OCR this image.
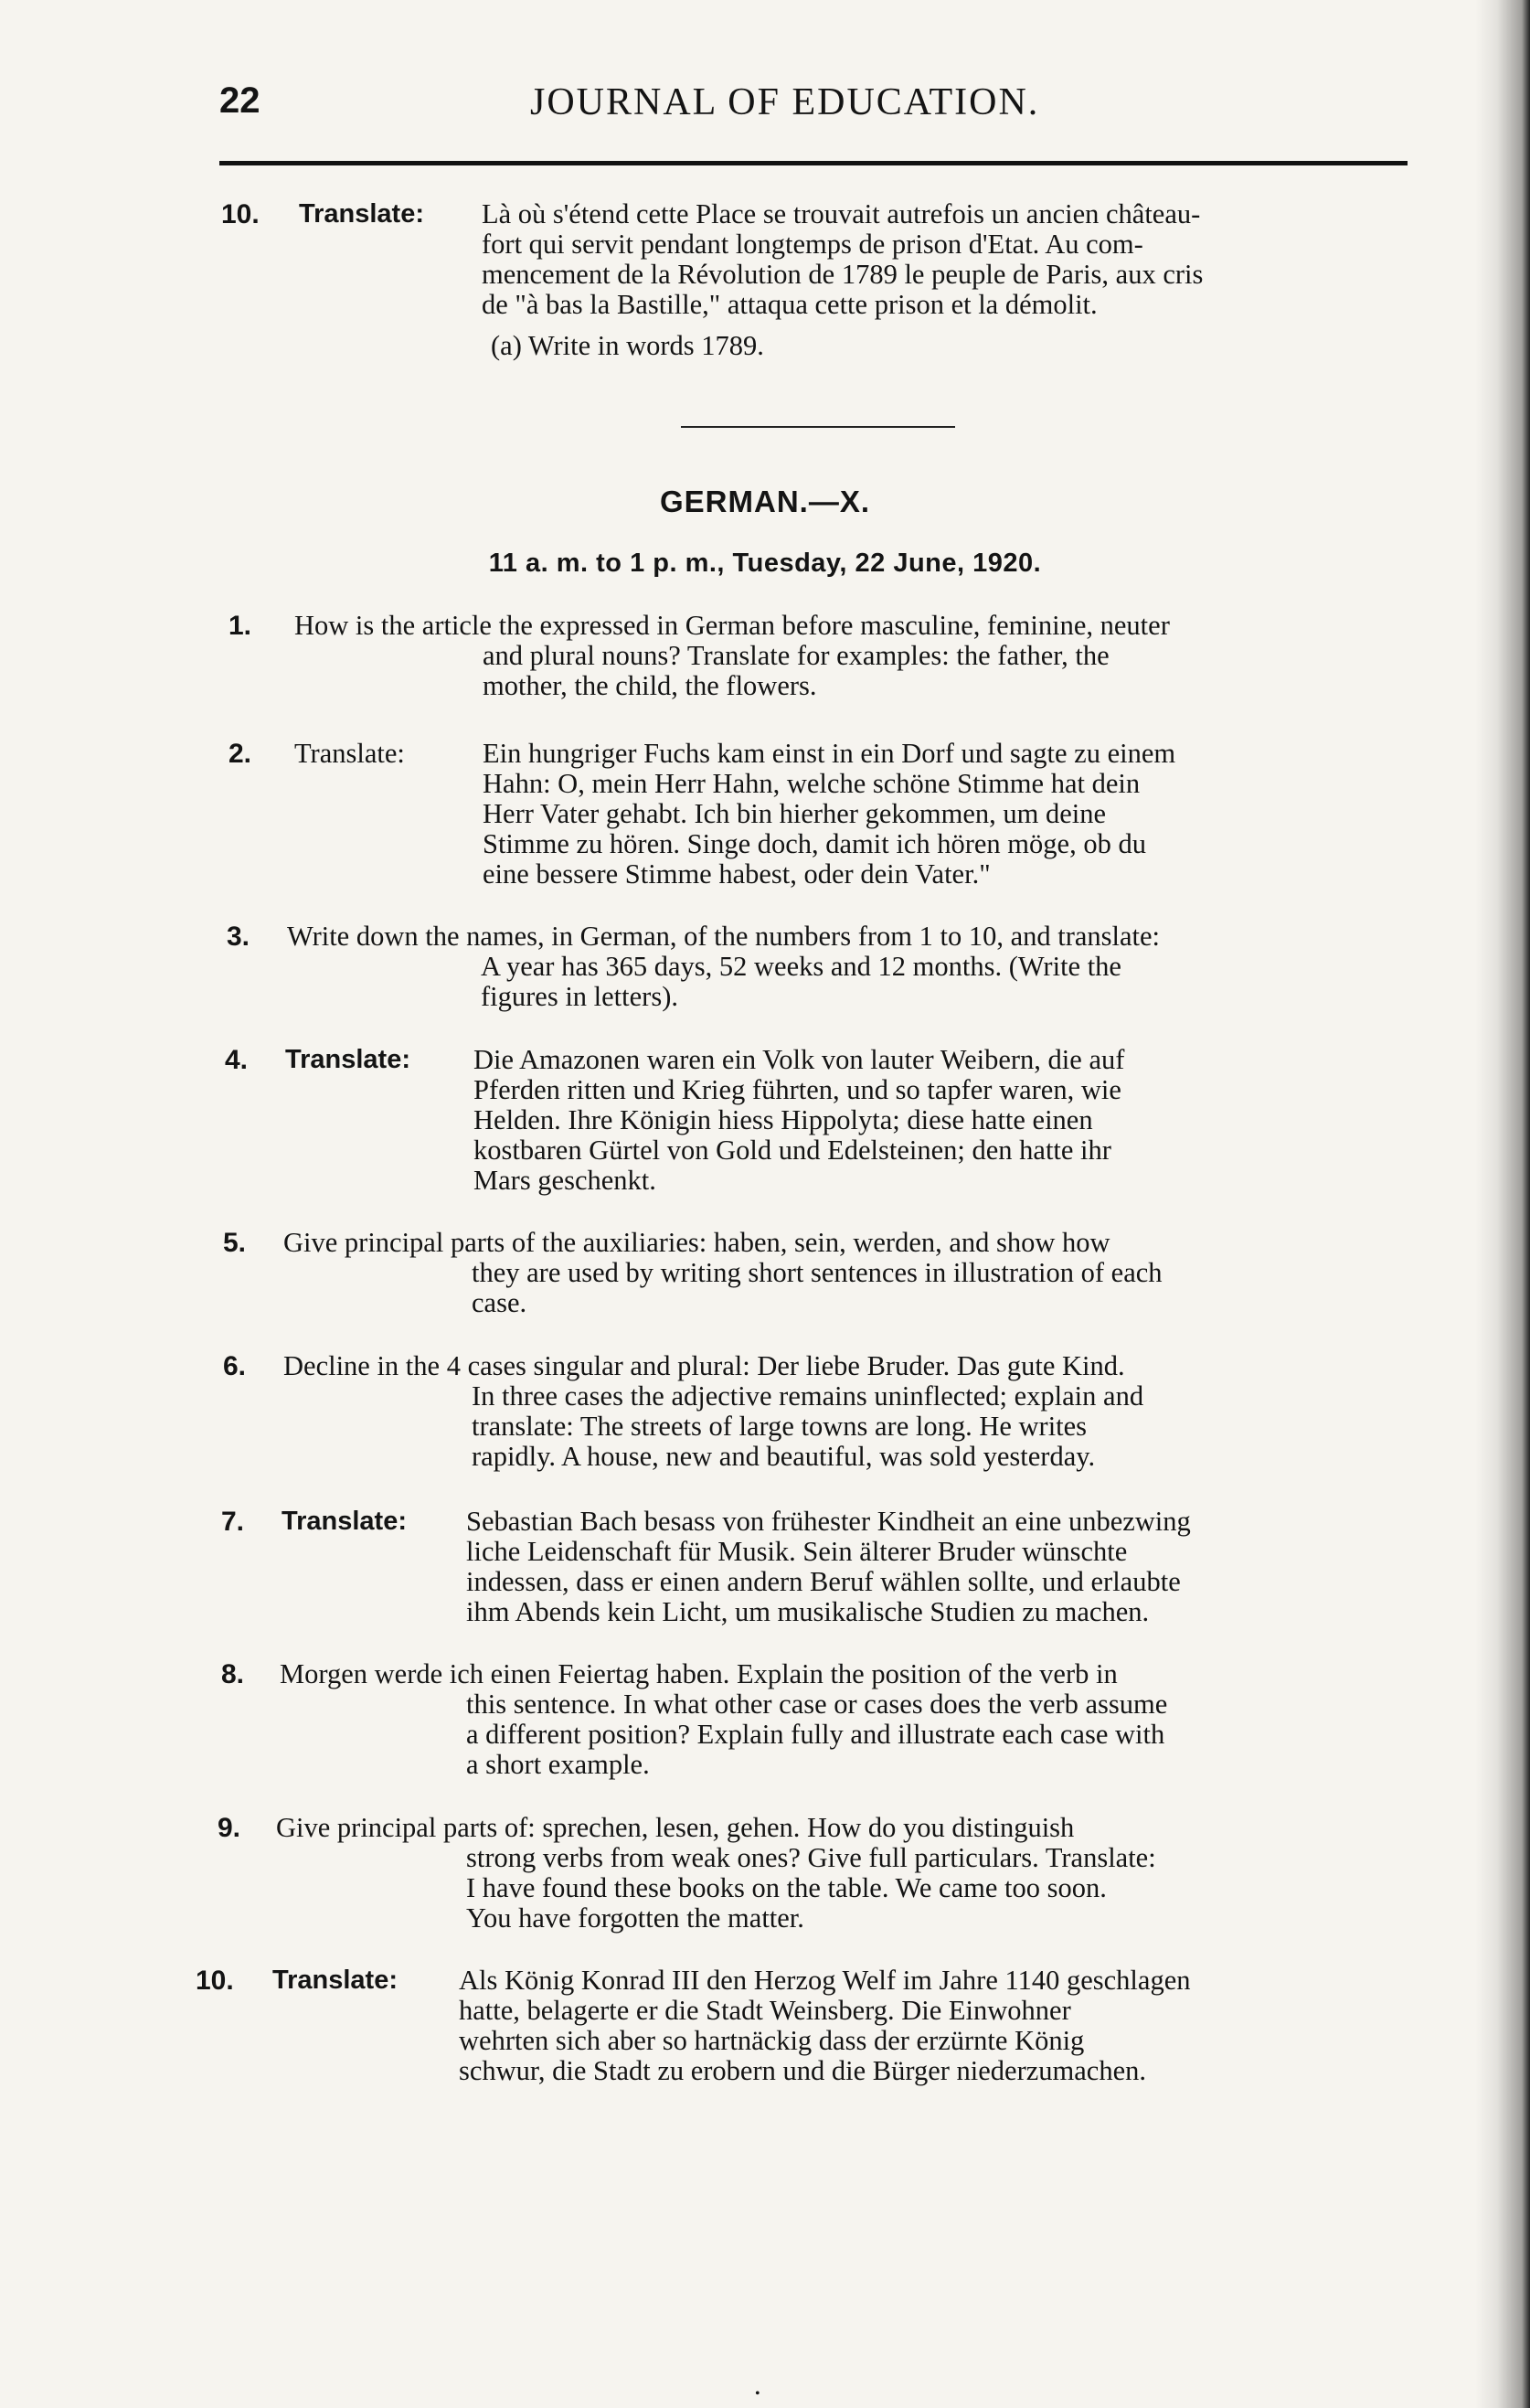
22	JOURNAL OF EDUCATION.
10. Translate: Là où s'étend cette Place se trouvait autrefois un ancien château-
fort qui servit pendant longtemps de prison d'Etat. Au com-
mencement de la Révolution de 1789 le peuple de Paris, aux cris
de "à bas la Bastille," attaqua cette prison et la démolit.
(a) Write in words 1789.
GERMAN.—X.
11 a. m. to 1 p. m., Tuesday, 22 June, 1920.
1. How is the article the expressed in German before masculine, feminine, neuter
and plural nouns? Translate for examples: the father, the
mother, the child, the flowers.
2. Translate:	Ein hungriger Fuchs kam einst in ein Dorf und sagte zu einem
Hahn: O, mein Herr Hahn, welche schöne Stimme hat dein
Herr Vater gehabt. Ich bin hierher gekommen, um deine
Stimme zu hören. Singe doch, damit ich hören möge, ob du
eine bessere Stimme habest, oder dein Vater."
3. Write down the names, in German, of the numbers from 1 to 10, and translate:
A year has 365 days, 52 weeks and 12 months. (Write the
figures in letters).
4. Translate: Die Amazonen waren ein Volk von lauter Weibern, die auf
Pferden ritten und Krieg führten, und so tapfer waren, wie
Helden. Ihre Königin hiess Hippolyta; diese hatte einen
kostbaren Gürtel von Gold und Edelsteinen; den hatte ihr
Mars geschenkt.
5. Give principal parts of the auxiliaries: haben, sein, werden, and show how
they are used by writing short sentences in illustration of each
case.
6. Decline in the 4 cases singular and plural: Der liebe Bruder. Das gute Kind.
In three cases the adjective remains uninflected; explain and
translate: The streets of large towns are long. He writes
rapidly. A house, new and beautiful, was sold yesterday.
7. Translate: Sebastian Bach besass von frühester Kindheit an eine unbezwing
liche Leidenschaft für Musik. Sein älterer Bruder wünschte
indessen, dass er einen andern Beruf wählen sollte, und erlaubte
ihm Abends kein Licht, um musikalische Studien zu machen.
8. Morgen werde ich einen Feiertag haben. Explain the position of the verb in
this sentence. In what other case or cases does the verb assume
a different position? Explain fully and illustrate each case with
a short example.
9. Give principal parts of: sprechen, lesen, gehen. How do you distinguish
strong verbs from weak ones? Give full particulars. Translate:
I have found these books on the table. We came too soon.
You have forgotten the matter.
10. Translate: Als König Konrad III den Herzog Welf im Jahre 1140 geschlagen
hatte, belagerte er die Stadt Weinsberg. Die Einwohner
wehrten sich aber so hartnäckig dass der erzürnte König
schwur, die Stadt zu erobern und die Bürger niederzumachen.
•
